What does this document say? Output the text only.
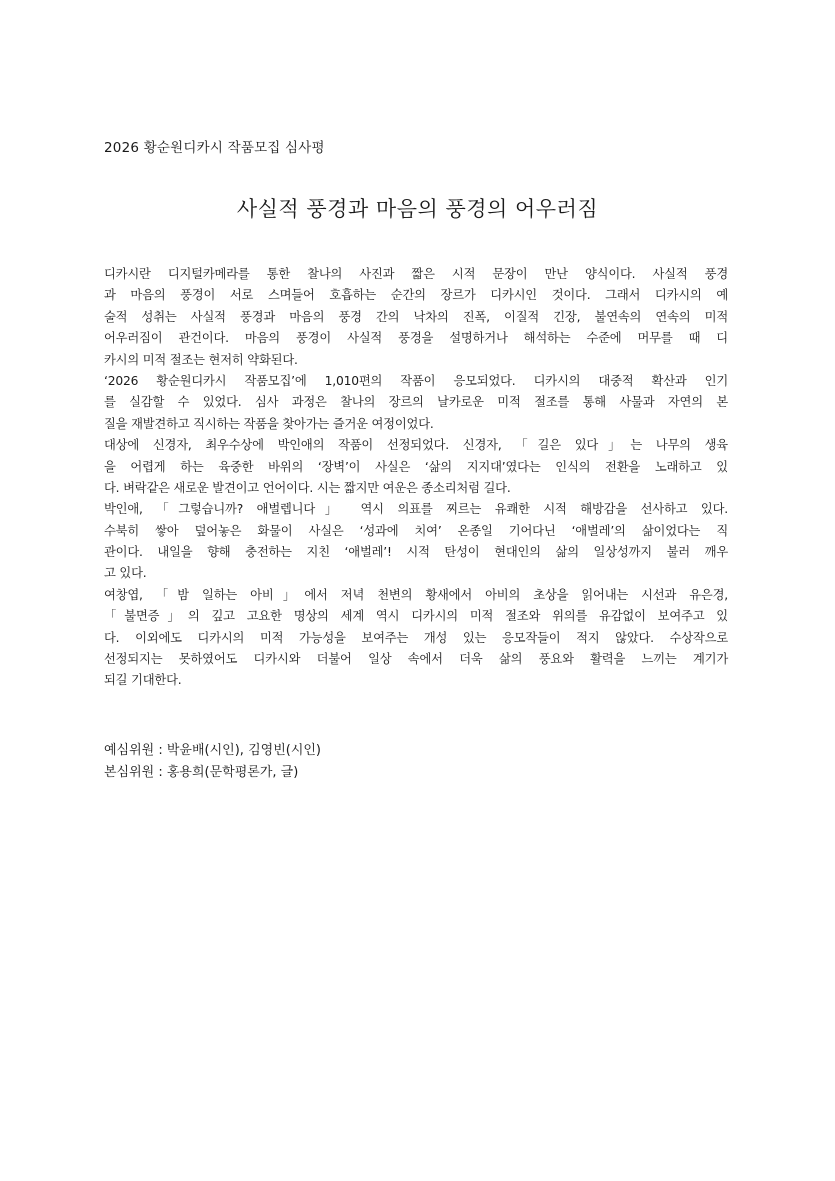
2026 황순원디카시 작품모집 심사평
사실적 풍경과 마음의 풍경의 어우러짐
디카시란 디지털카메라를 통한 찰나의 사진과 짧은 시적 문장이 만난 양식이다. 사실적 풍경
과 마음의 풍경이 서로 스며들어 호흡하는 순간의 장르가 디카시인 것이다. 그래서 디카시의 예
술적 성취는 사실적 풍경과 마음의 풍경 간의 낙차의 진폭, 이질적 긴장, 불연속의 연속의 미적
어우러짐이 관건이다. 마음의 풍경이 사실적 풍경을 설명하거나 해석하는 수준에 머무를 때 디
카시의 미적 절조는 현저히 약화된다.
‘2026 황순원디카시 작품모집’에 1,010편의 작품이 응모되었다. 디카시의 대중적 확산과 인기
를 실감할 수 있었다. 심사 과정은 찰나의 장르의 날카로운 미적 절조를 통해 사물과 자연의 본
질을 재발견하고 직시하는 작품을 찾아가는 즐거운 여정이었다.
대상에 신경자, 최우수상에 박인애의 작품이 선정되었다. 신경자, 「길은 있다」는 나무의 생육
을 어렵게 하는 육중한 바위의 ‘장벽’이 사실은 ‘삶의 지지대’였다는 인식의 전환을 노래하고 있
다. 벼락같은 새로운 발견이고 언어이다. 시는 짧지만 여운은 종소리처럼 길다.
박인애, 「그렇습니까? 애벌렙니다」 역시 의표를 찌르는 유쾌한 시적 해방감을 선사하고 있다.
수북히 쌓아 덮어놓은 화물이 사실은 ‘성과에 치여’ 온종일 기어다닌 ‘애벌레’의 삶이었다는 직
관이다. 내일을 향해 충전하는 지친 ‘애벌레’! 시적 탄성이 현대인의 삶의 일상성까지 불러 깨우
고 있다.
여창엽, 「밤 일하는 아비」에서 저녁 천변의 황새에서 아비의 초상을 읽어내는 시선과 유은경,
「불면증」의 깊고 고요한 명상의 세계 역시 디카시의 미적 절조와 위의를 유감없이 보여주고 있
다. 이외에도 디카시의 미적 가능성을 보여주는 개성 있는 응모작들이 적지 않았다. 수상작으로
선정되지는 못하였어도 디카시와 더불어 일상 속에서 더욱 삶의 풍요와 활력을 느끼는 계기가
되길 기대한다.
예심위원 : 박윤배(시인), 김영빈(시인)
본심위원 : 홍용희(문학평론가, 글)
